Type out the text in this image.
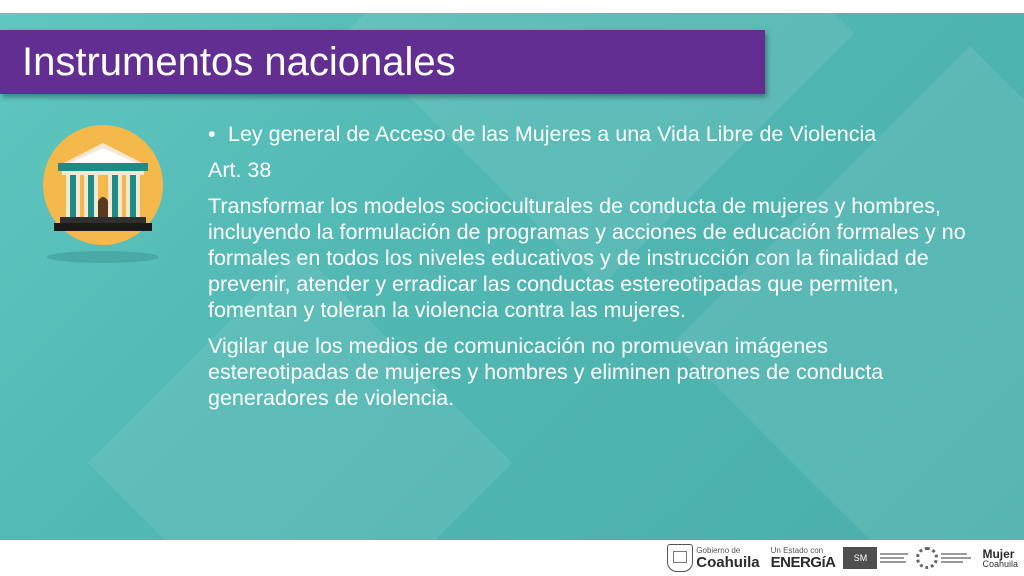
Instrumentos nacionales
• Ley general de Acceso de las Mujeres a una Vida Libre de Violencia
Art. 38
Transformar los modelos socioculturales de conducta de mujeres y hombres, incluyendo la formulación de programas y acciones de educación formales y no formales en todos los niveles educativos y de instrucción con la finalidad de prevenir, atender y erradicar las conductas estereotipadas que permiten, fomentan y toleran la violencia contra las mujeres.
Vigilar que los medios de comunicación no promuevan imágenes estereotipadas de mujeres y hombres y eliminen patrones de conducta generadores de violencia.
Gobierno de
Coahuila
Un Estado con
ENERGíA	SM	Mujer
Coahuila
